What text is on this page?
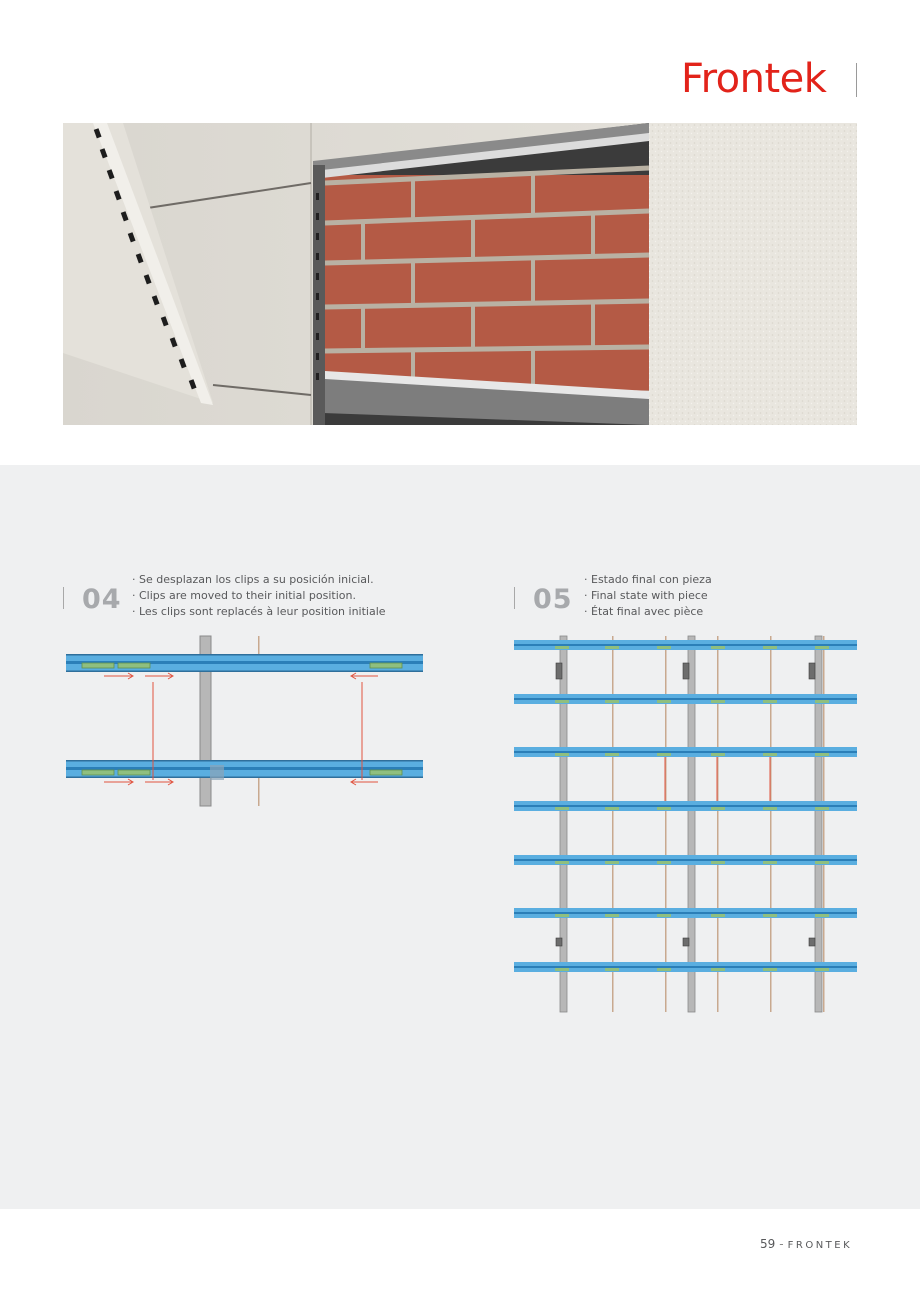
Frontek
04
· Se desplazan los clips a su posición inicial.
· Clips are moved to their initial position.
· Les clips sont replacés à leur position initiale	05
· Estado final con pieza
· Final state with piece
· État final avec pièce
59 - FRONTEK
